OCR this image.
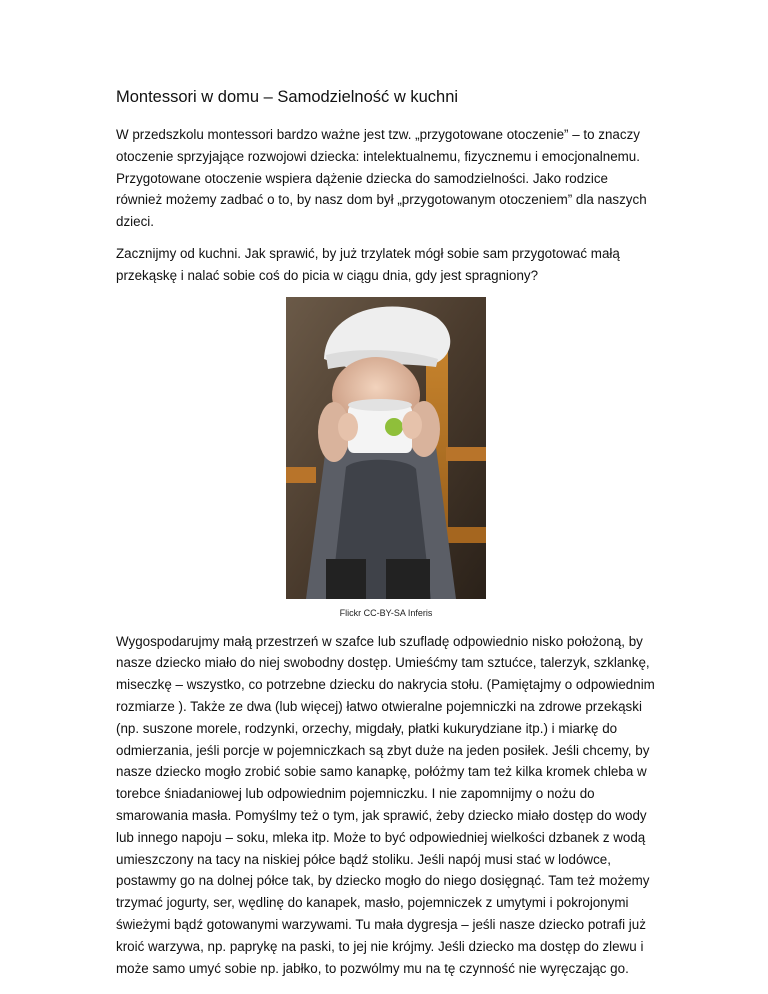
Montessori w domu – Samodzielność w kuchni

W przedszkolu montessori bardzo ważne jest tzw. „przygotowane otoczenie” – to znaczy otoczenie sprzyjające rozwojowi dziecka: intelektualnemu, fizycznemu i emocjonalnemu. Przygotowane otoczenie wspiera dążenie dziecka do samodzielności. Jako rodzice również możemy zadbać o to, by nasz dom był „przygotowanym otoczeniem” dla naszych dzieci.

Zacznijmy od kuchni. Jak sprawić, by już trzylatek mógł sobie sam przygotować małą przekąskę i nalać sobie coś do picia w ciągu dnia, gdy jest spragniony?

Flickr CC-BY-SA Inferis

Wygospodarujmy małą przestrzeń w szafce lub szufladę odpowiednio nisko położoną, by nasze dziecko miało do niej swobodny dostęp. Umieśćmy tam sztućce, talerzyk, szklankę, miseczkę – wszystko, co potrzebne dziecku do nakrycia stołu. (Pamiętajmy o odpowiednim rozmiarze ). Także ze dwa (lub więcej) łatwo otwieralne pojemniczki na zdrowe przekąski (np. suszone morele, rodzynki, orzechy, migdały, płatki kukurydziane itp.) i miarkę do odmierzania, jeśli porcje w pojemniczkach są zbyt duże na jeden posiłek. Jeśli chcemy, by nasze dziecko mogło zrobić sobie samo kanapkę, połóżmy tam też kilka kromek chleba w torebce śniadaniowej lub odpowiednim pojemniczku. I nie zapomnijmy o nożu do smarowania masła. Pomyślmy też o tym, jak sprawić, żeby dziecko miało dostęp do wody lub innego napoju – soku, mleka itp. Może to być odpowiedniej wielkości dzbanek z wodą umieszczony na tacy na niskiej półce bądź stoliku. Jeśli napój musi stać w lodówce, postawmy go na dolnej półce tak, by dziecko mogło do niego dosięgnąć. Tam też możemy trzymać jogurty, ser, wędlinę do kanapek, masło, pojemniczek z umytymi i pokrojonymi świeżymi bądź gotowanymi warzywami. Tu mała dygresja – jeśli nasze dziecko potrafi już kroić warzywa, np. paprykę na paski, to jej nie krójmy. Jeśli dziecko ma dostęp do zlewu i może samo umyć sobie np. jabłko, to pozwólmy mu na tę czynność nie wyręczając go.
